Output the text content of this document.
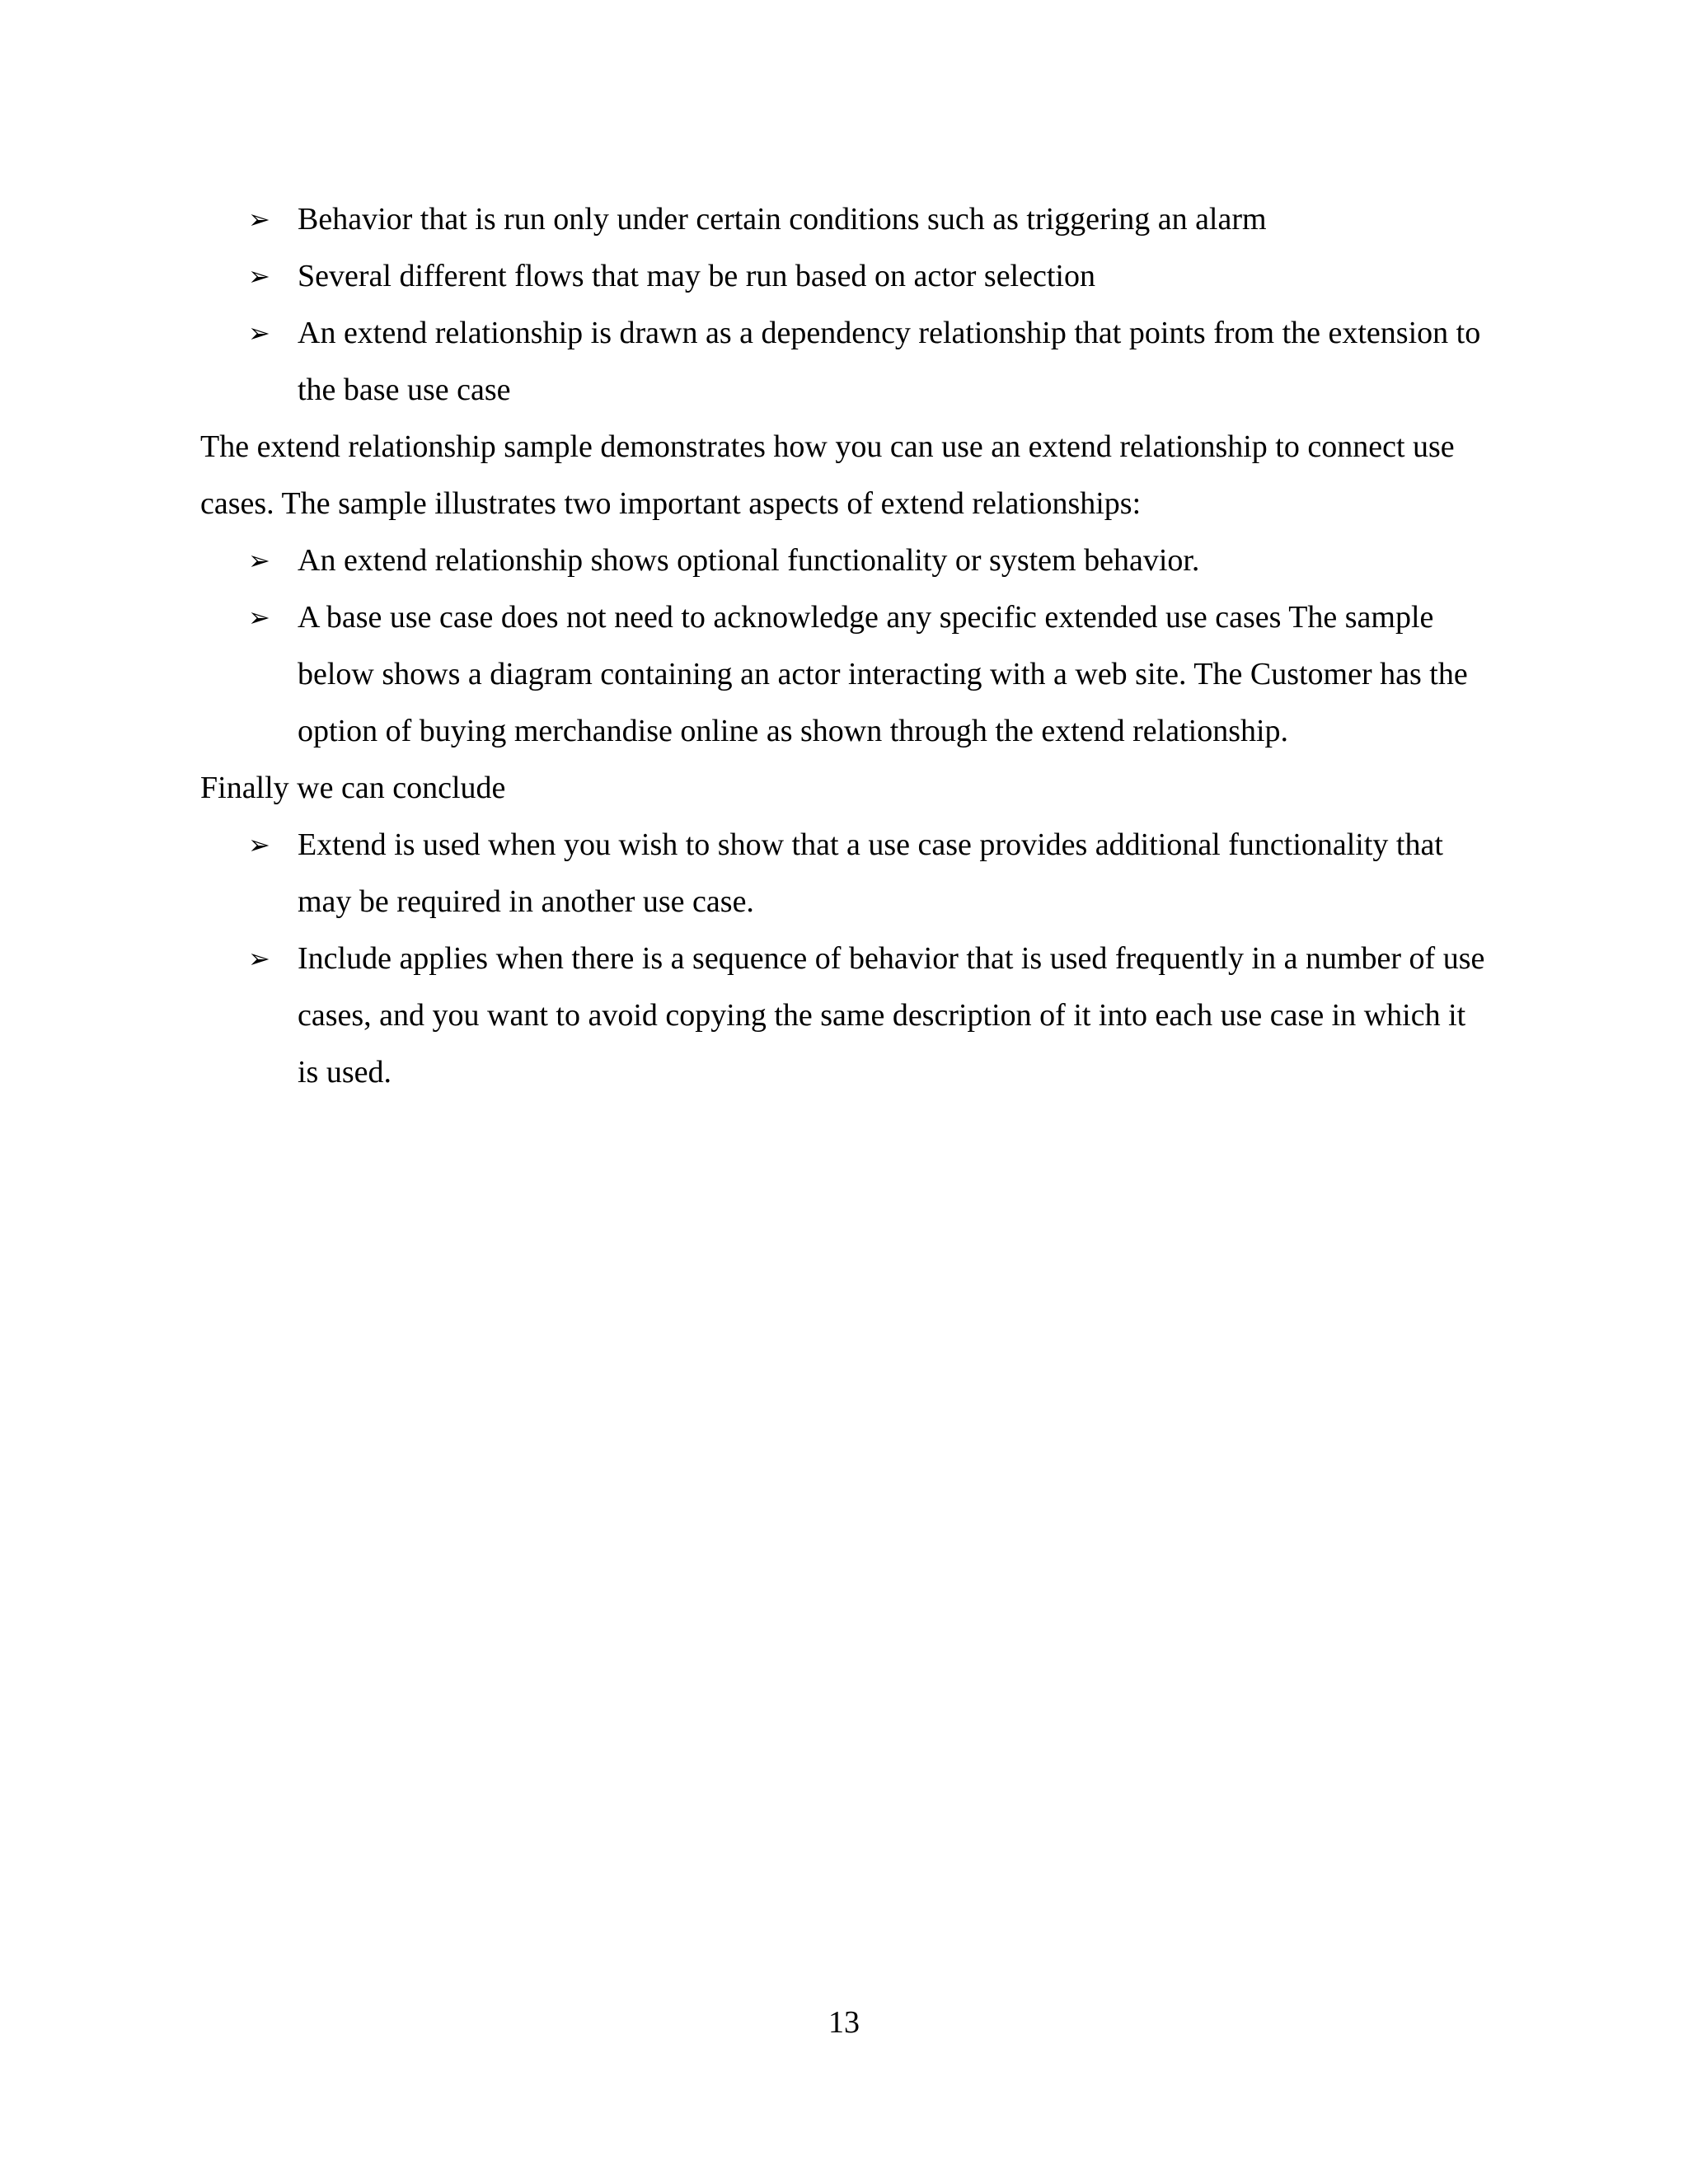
➢ Behavior that is run only under certain conditions such as triggering an alarm
➢ Several different flows that may be run based on actor selection
➢ An extend relationship is drawn as a dependency relationship that points from the extension to the base use case

The extend relationship sample demonstrates how you can use an extend relationship to connect use cases. The sample illustrates two important aspects of extend relationships:

➢ An extend relationship shows optional functionality or system behavior.
➢ A base use case does not need to acknowledge any specific extended use cases The sample below shows a diagram containing an actor interacting with a web site. The Customer has the option of buying merchandise online as shown through the extend relationship.

Finally we can conclude

➢ Extend is used when you wish to show that a use case provides additional functionality that may be required in another use case.
➢ Include applies when there is a sequence of behavior that is used frequently in a number of use cases, and you want to avoid copying the same description of it into each use case in which it is used.
13
